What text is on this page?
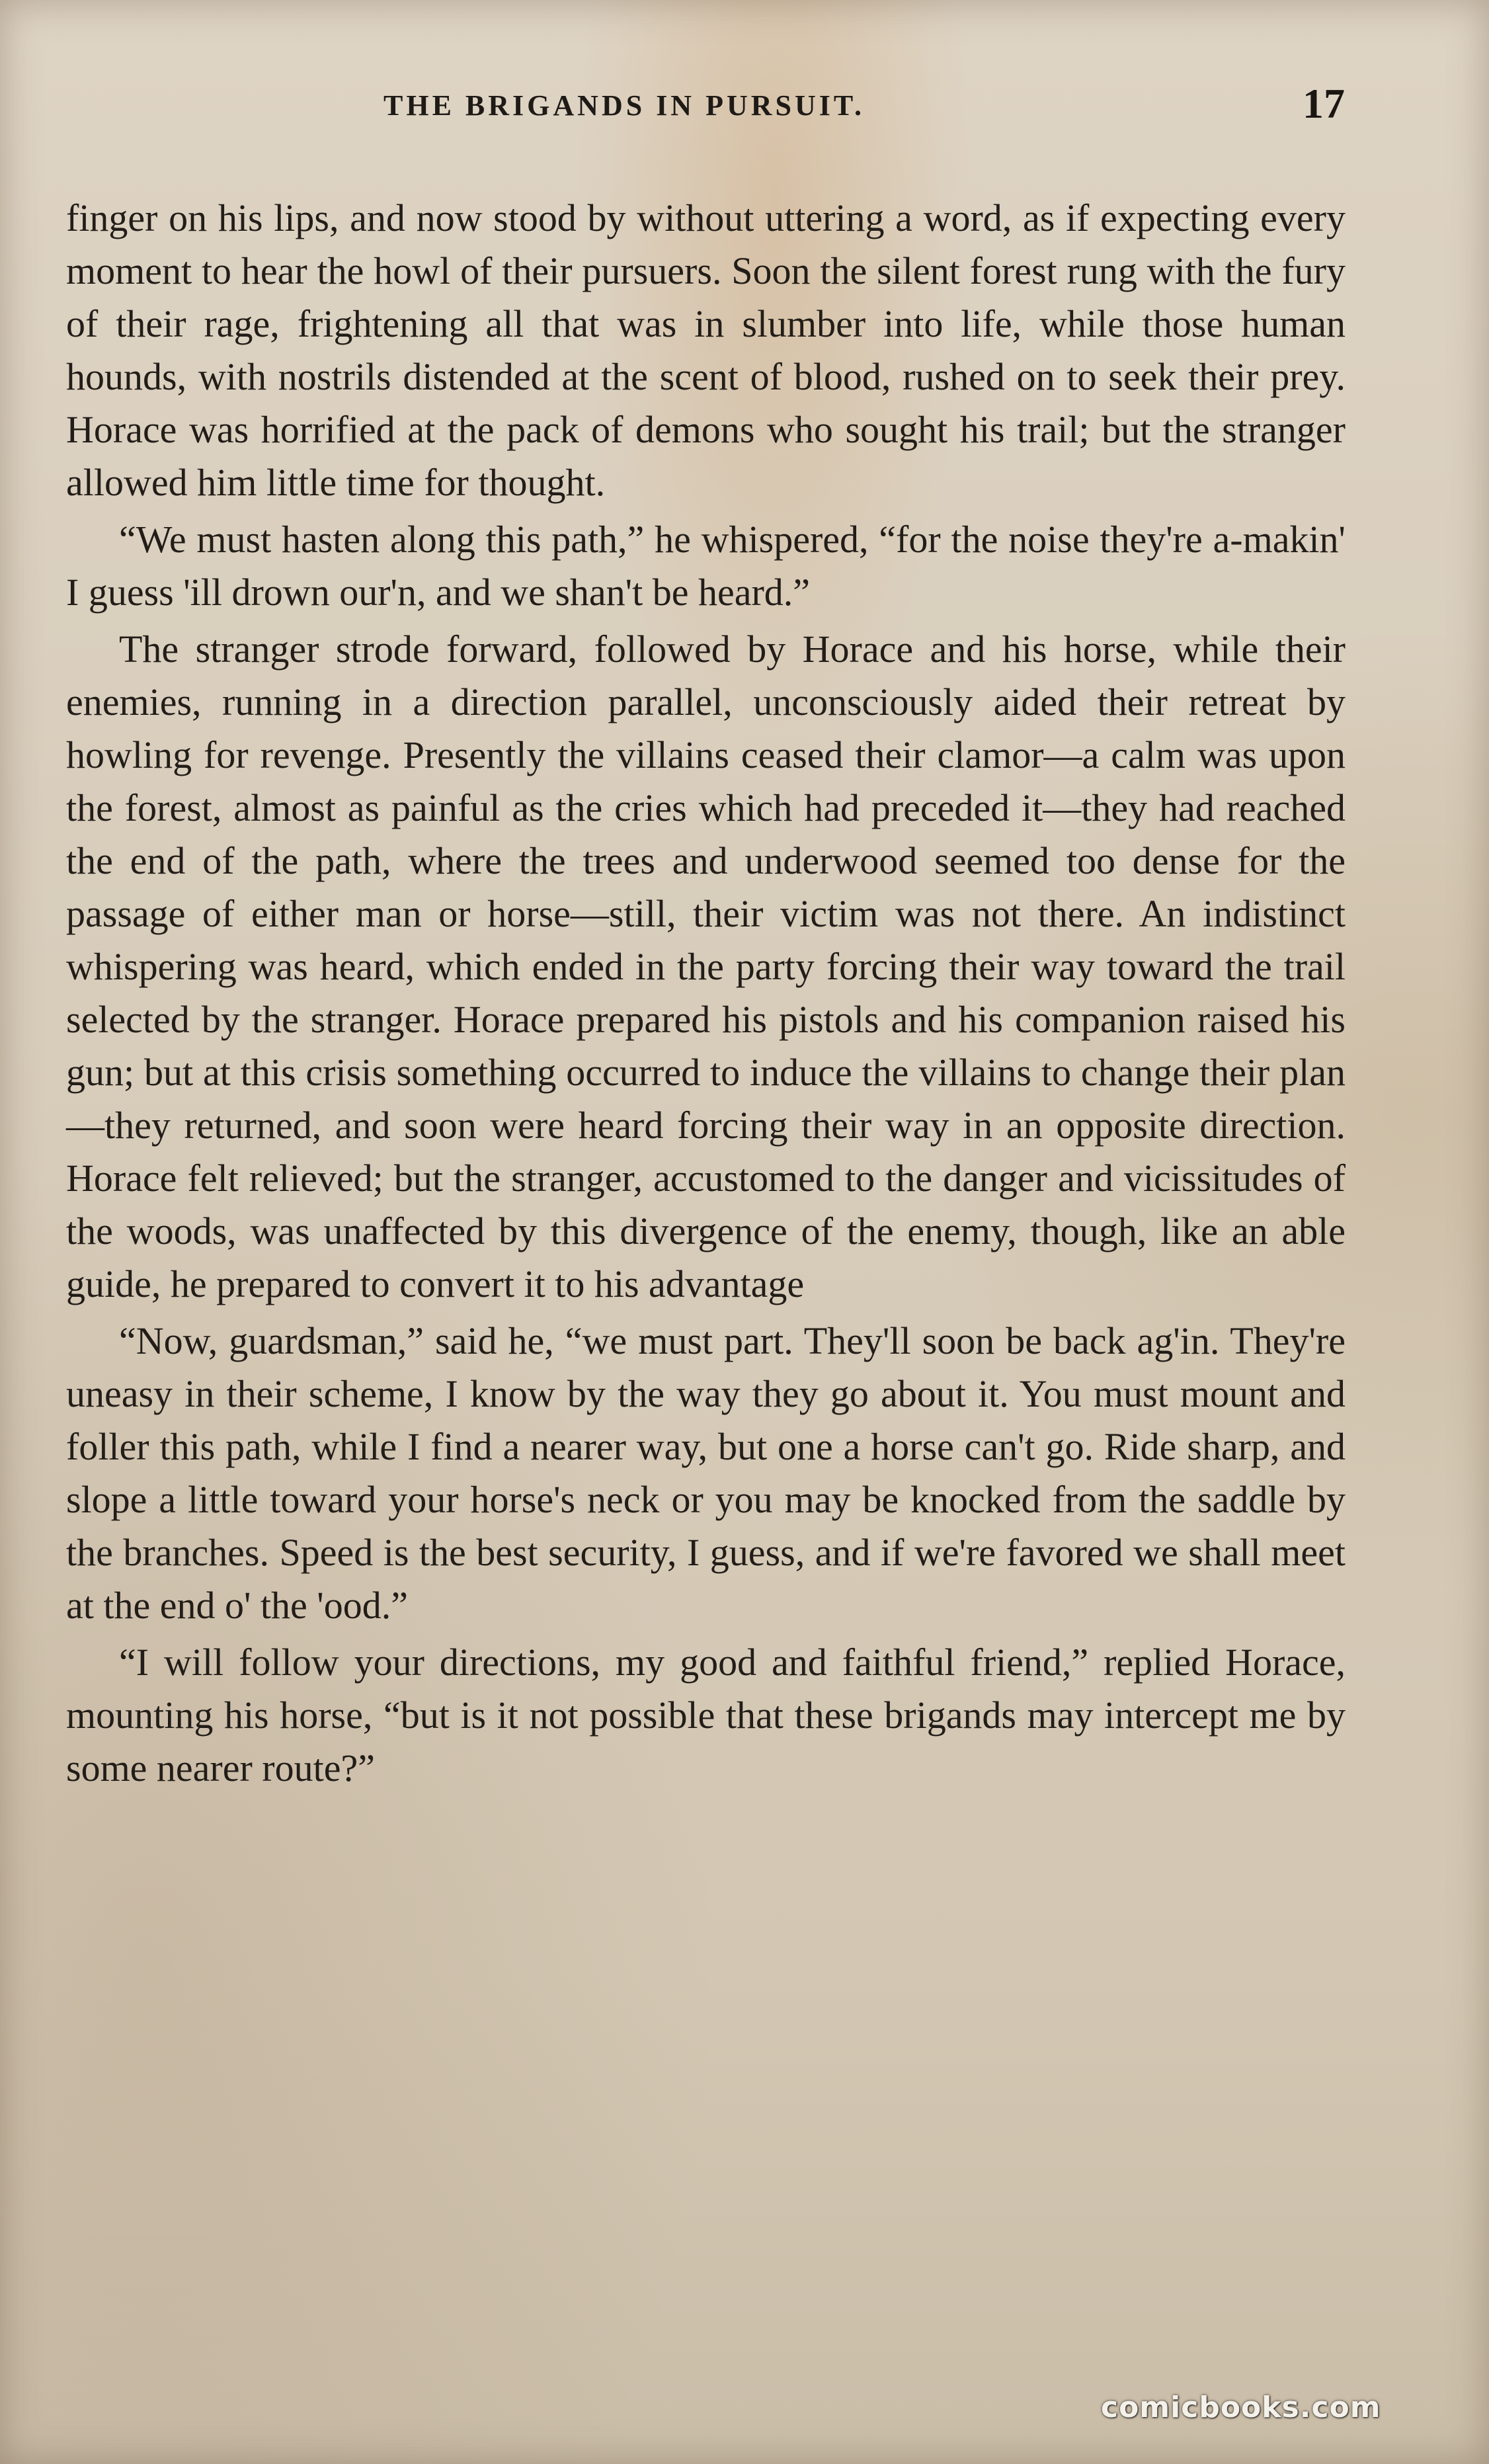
THE BRIGANDS IN PURSUIT.	17

finger on his lips, and now stood by without uttering a word, as if expecting every moment to hear the howl of their pursuers. Soon the silent forest rung with the fury of their rage, frightening all that was in slumber into life, while those human hounds, with nostrils distended at the scent of blood, rushed on to seek their prey. Horace was horrified at the pack of demons who sought his trail; but the stranger allowed him little time for thought.

“We must hasten along this path,” he whispered, “for the noise they're a-makin' I guess 'ill drown our'n, and we shan't be heard.”

The stranger strode forward, followed by Horace and his horse, while their enemies, running in a direction parallel, unconsciously aided their retreat by howling for revenge. Presently the villains ceased their clamor—a calm was upon the forest, almost as painful as the cries which had preceded it—they had reached the end of the path, where the trees and underwood seemed too dense for the passage of either man or horse—still, their victim was not there. An indistinct whispering was heard, which ended in the party forcing their way toward the trail selected by the stranger. Horace prepared his pistols and his companion raised his gun; but at this crisis something occurred to induce the villains to change their plan—they returned, and soon were heard forcing their way in an opposite direction. Horace felt relieved; but the stranger, accustomed to the danger and vicissitudes of the woods, was unaffected by this divergence of the enemy, though, like an able guide, he prepared to convert it to his advantage

“Now, guardsman,” said he, “we must part. They'll soon be back ag'in. They're uneasy in their scheme, I know by the way they go about it. You must mount and foller this path, while I find a nearer way, but one a horse can't go. Ride sharp, and slope a little toward your horse's neck or you may be knocked from the saddle by the branches. Speed is the best security, I guess, and if we're favored we shall meet at the end o' the 'ood.”

“I will follow your directions, my good and faithful friend,” replied Horace, mounting his horse, “but is it not possible that these brigands may intercept me by some nearer route?”

comicbooks.com
